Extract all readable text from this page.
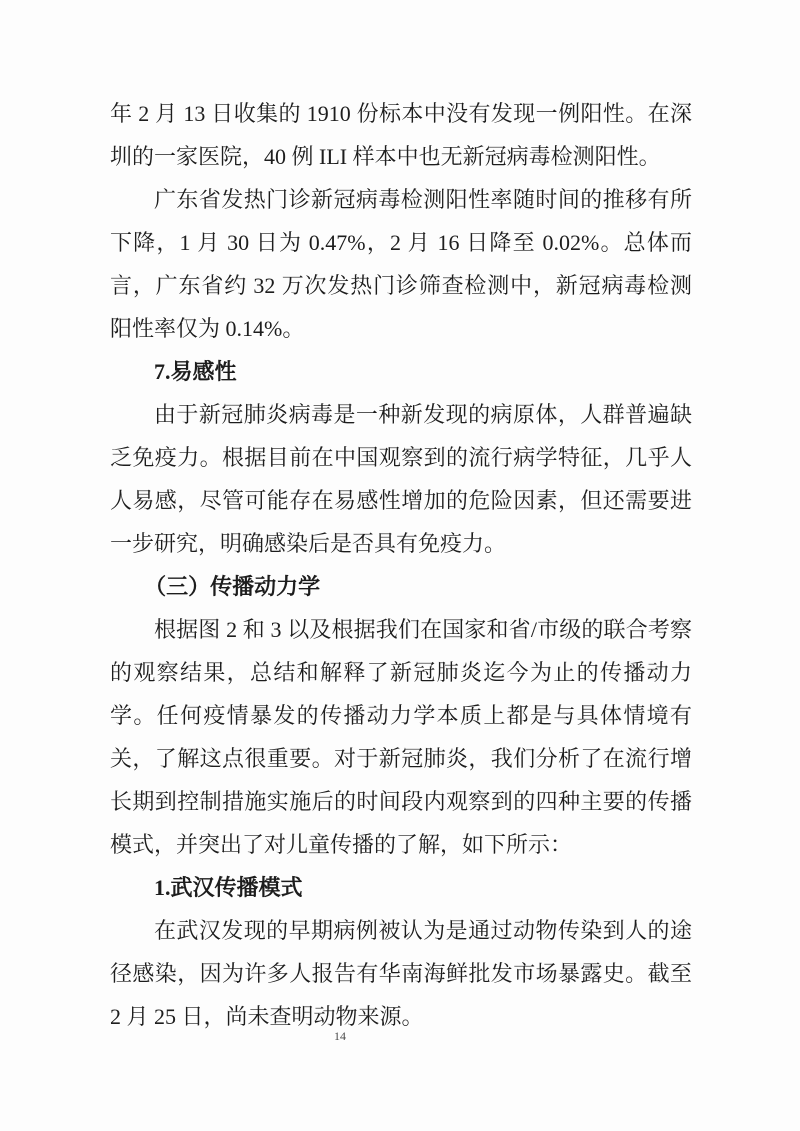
年 2 月 13 日收集的 1910 份标本中没有发现一例阳性。在深圳的一家医院，40 例 ILI 样本中也无新冠病毒检测阳性。

广东省发热门诊新冠病毒检测阳性率随时间的推移有所下降，1 月 30 日为 0.47%，2 月 16 日降至 0.02%。总体而言，广东省约 32 万次发热门诊筛查检测中，新冠病毒检测阳性率仅为 0.14%。

7.易感性

由于新冠肺炎病毒是一种新发现的病原体，人群普遍缺乏免疫力。根据目前在中国观察到的流行病学特征，几乎人人易感，尽管可能存在易感性增加的危险因素，但还需要进一步研究，明确感染后是否具有免疫力。

（三）传播动力学

根据图 2 和 3 以及根据我们在国家和省/市级的联合考察的观察结果，总结和解释了新冠肺炎迄今为止的传播动力学。任何疫情暴发的传播动力学本质上都是与具体情境有关，了解这点很重要。对于新冠肺炎，我们分析了在流行增长期到控制措施实施后的时间段内观察到的四种主要的传播模式，并突出了对儿童传播的了解，如下所示：

1.武汉传播模式

在武汉发现的早期病例被认为是通过动物传染到人的途径感染，因为许多人报告有华南海鲜批发市场暴露史。截至 2 月 25 日，尚未查明动物来源。

14
